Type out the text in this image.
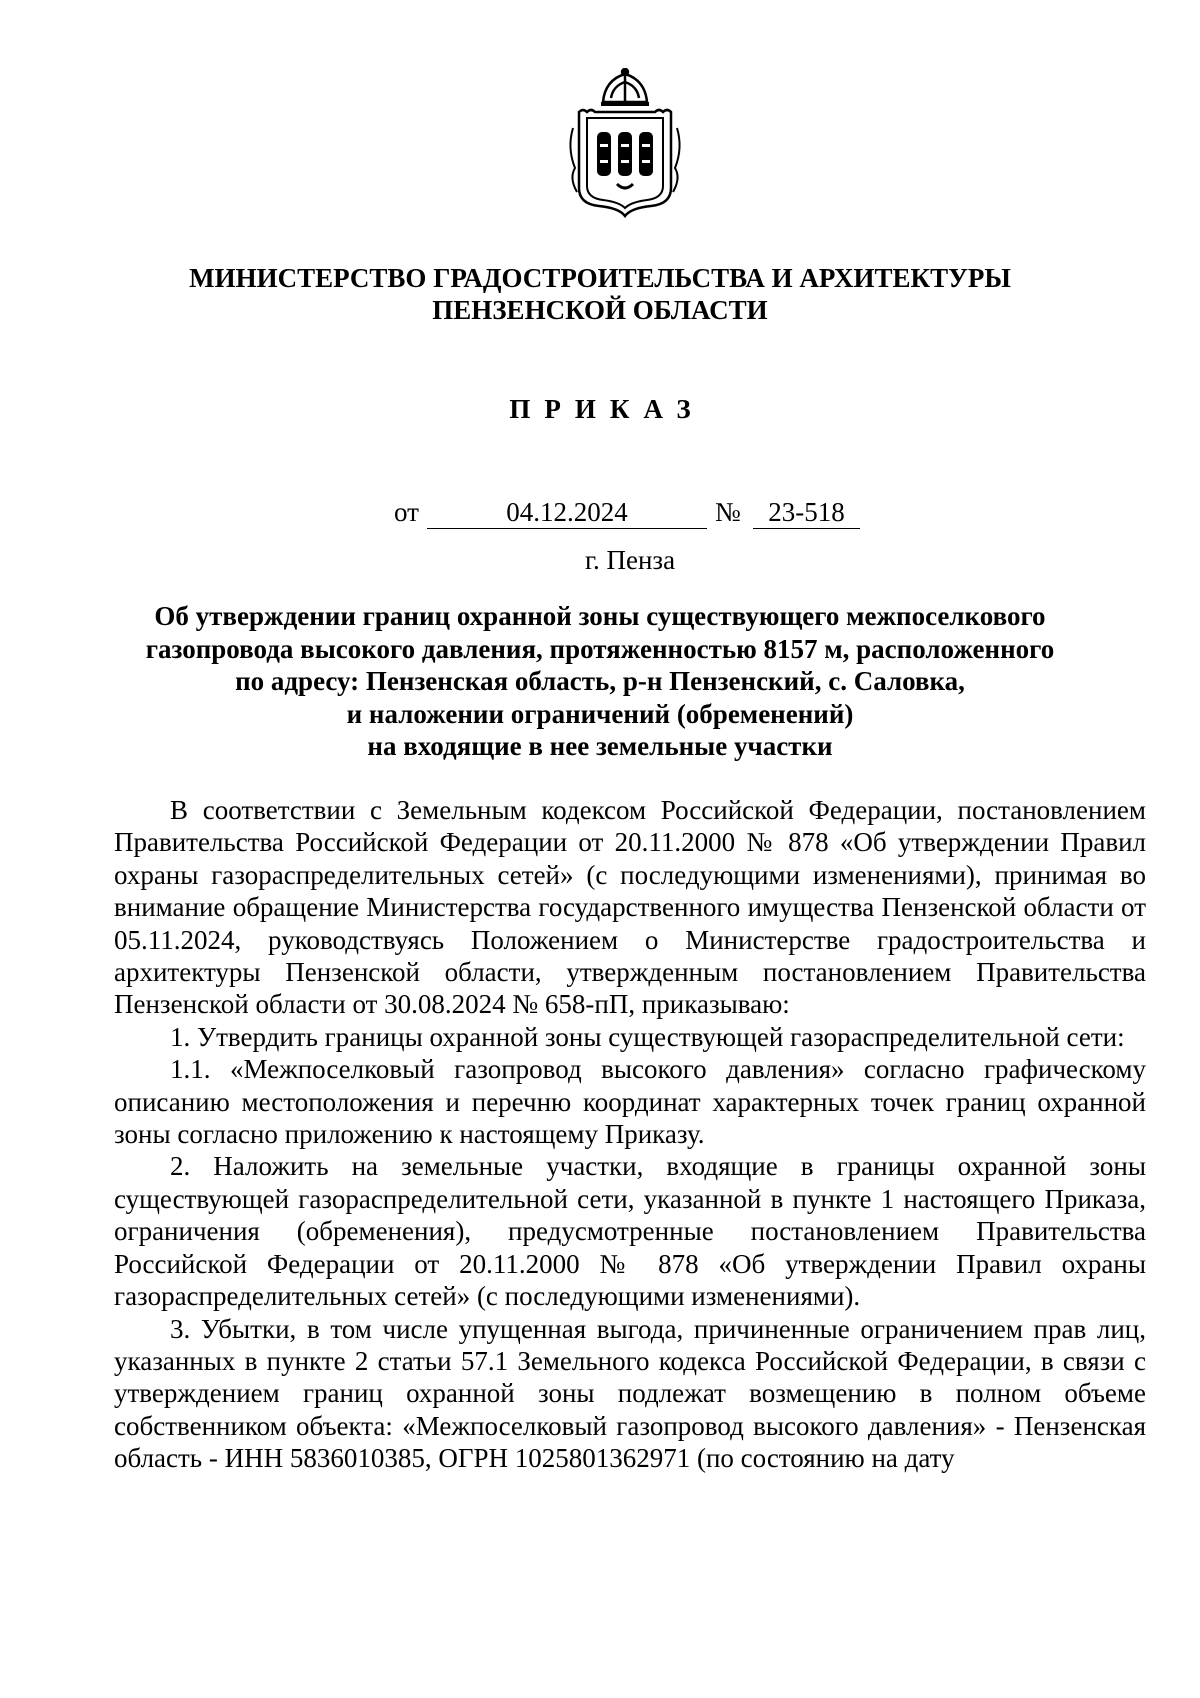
МИНИСТЕРСТВО ГРАДОСТРОИТЕЛЬСТВА И АРХИТЕКТУРЫ
ПЕНЗЕНСКОЙ ОБЛАСТИ
ПРИКАЗ
от	04.12.2024	№	23-518
г. Пенза
Об утверждении границ охранной зоны существующего межпоселкового
газопровода высокого давления, протяженностью 8157 м, расположенного
по адресу: Пензенская область, р-н Пензенский, с. Саловка,
и наложении ограничений (обременений)
на входящие в нее земельные участки

В соответствии с Земельным кодексом Российской Федерации, постановлением Правительства Российской Федерации от 20.11.2000 № 878 «Об утверждении Правил охраны газораспределительных сетей» (с последующими изменениями), принимая во внимание обращение Министерства государственного имущества Пензенской области от 05.11.2024, руководствуясь Положением о Министерстве градостроительства и архитектуры Пензенской области, утвержденным постановлением Правительства Пензенской области от 30.08.2024 № 658-пП, приказываю:

1. Утвердить границы охранной зоны существующей газораспределительной сети:

1.1. «Межпоселковый газопровод высокого давления» согласно графическому описанию местоположения и перечню координат характерных точек границ охранной зоны согласно приложению к настоящему Приказу.

2. Наложить на земельные участки, входящие в границы охранной зоны существующей газораспределительной сети, указанной в пункте 1 настоящего Приказа, ограничения (обременения), предусмотренные постановлением Правительства Российской Федерации от 20.11.2000 № 878 «Об утверждении Правил охраны газораспределительных сетей» (с последующими изменениями).

3. Убытки, в том числе упущенная выгода, причиненные ограничением прав лиц, указанных в пункте 2 статьи 57.1 Земельного кодекса Российской Федерации, в связи с утверждением границ охранной зоны подлежат возмещению в полном объеме собственником объекта: «Межпоселковый газопровод высокого давления» - Пензенская область - ИНН 5836010385, ОГРН 1025801362971 (по состоянию на дату
